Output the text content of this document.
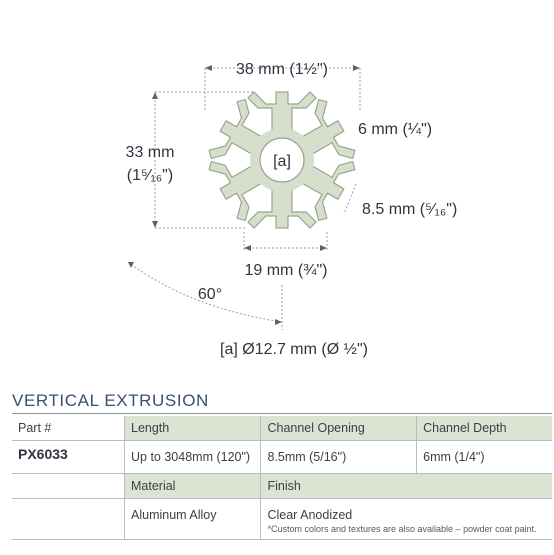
38 mm (1½")
33 mm
(1⁵⁄₁₆")
6 mm (¼")
8.5 mm (⁵⁄₁₆")
19 mm (¾")
60°
[a]
[a] Ø12.7 mm (Ø ½")
VERTICAL EXTRUSION
Part #	Length	Channel Opening	Channel Depth
PX6033	Up to 3048mm (120")	8.5mm (5/16")	6mm (1/4")
	Material	Finish	
	Aluminum Alloy	Clear Anodized
*Custom colors and textures are also available – powder coat paint.	
